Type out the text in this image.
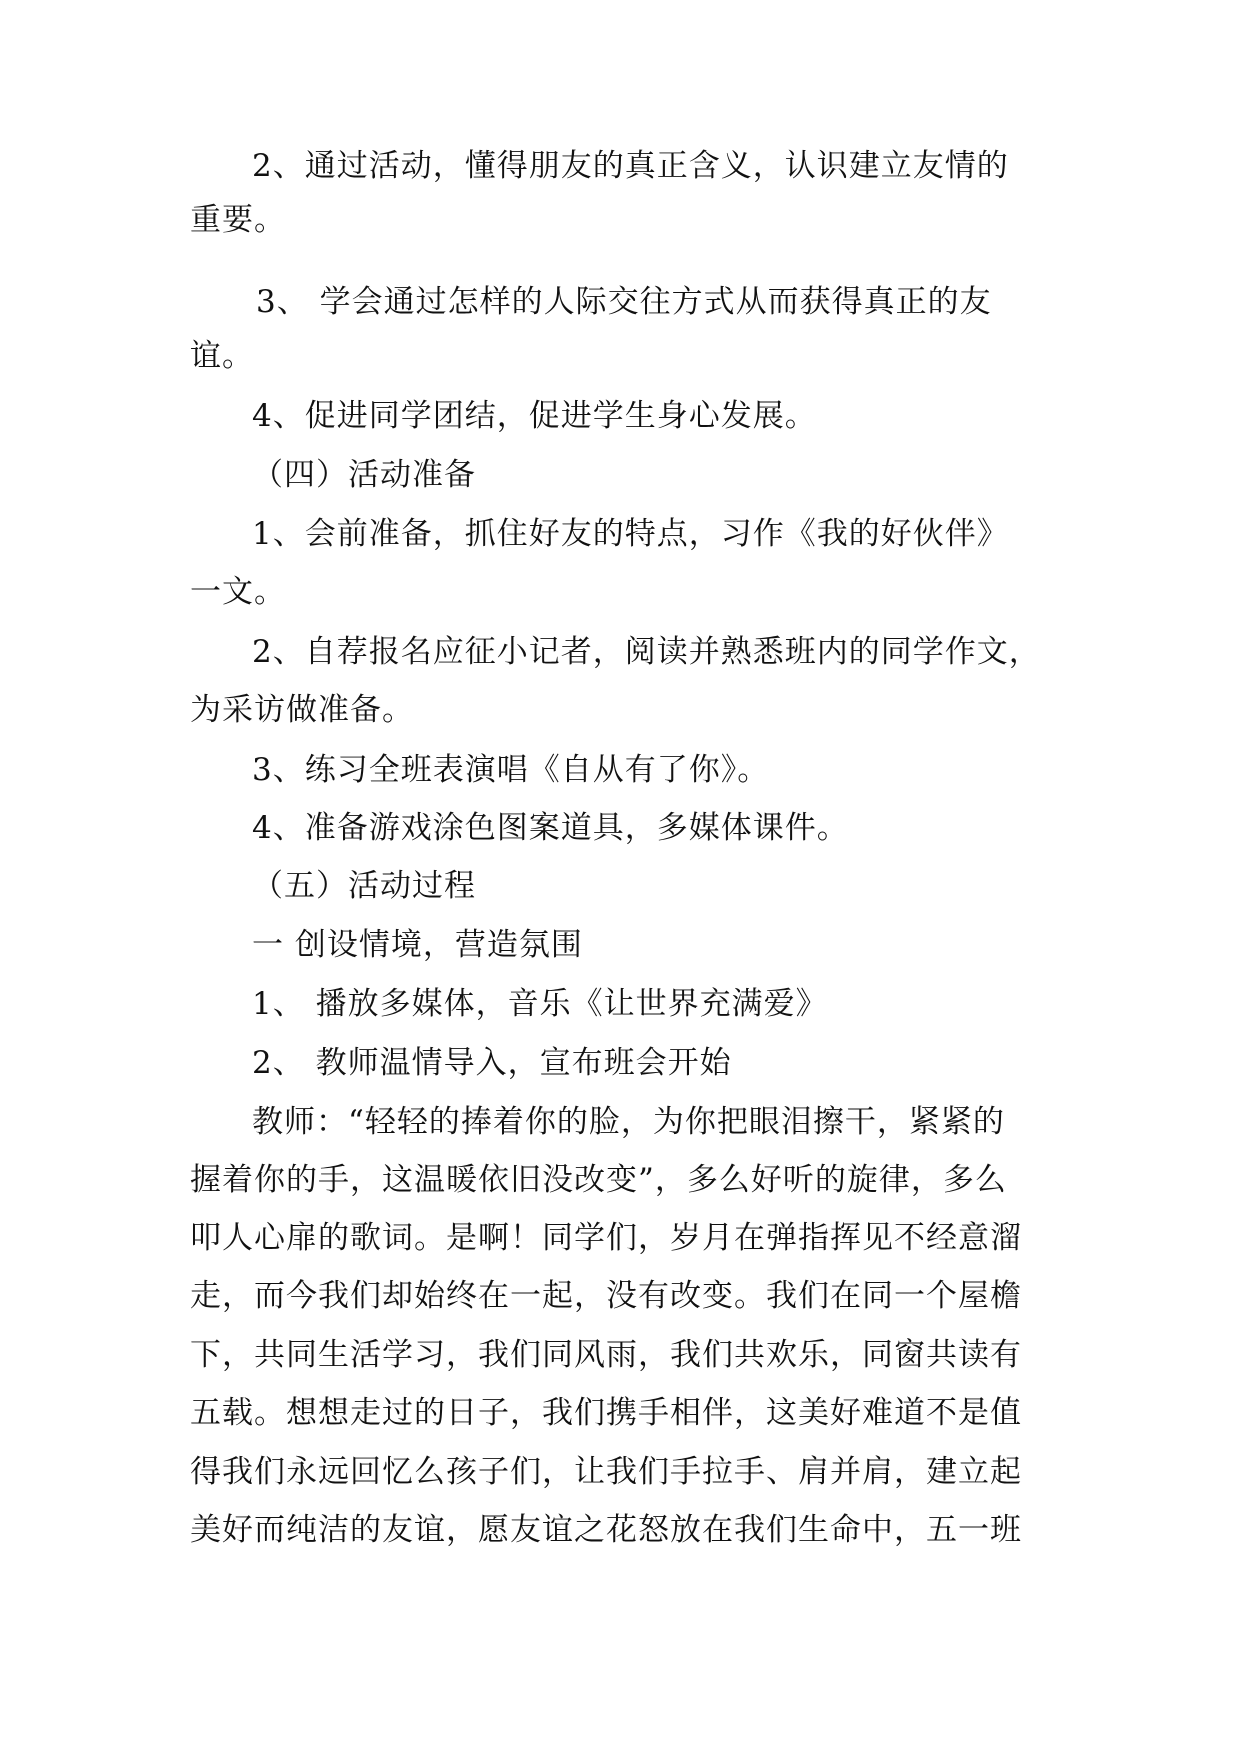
2、通过活动，懂得朋友的真正含义，认识建立友情的
重要。
3、 学会通过怎样的人际交往方式从而获得真正的友
谊。
4、促进同学团结，促进学生身心发展。
（四）活动准备
1、会前准备，抓住好友的特点，习作《我的好伙伴》
一文。
2、自荐报名应征小记者，阅读并熟悉班内的同学作文，
为采访做准备。
3、练习全班表演唱《自从有了你》。
4、准备游戏涂色图案道具，多媒体课件。
（五）活动过程
一 创设情境，营造氛围
1、 播放多媒体，音乐《让世界充满爱》
2、 教师温情导入，宣布班会开始
教师：“轻轻的捧着你的脸，为你把眼泪擦干，紧紧的
握着你的手，这温暖依旧没改变”，多么好听的旋律，多么
叩人心扉的歌词。是啊！同学们，岁月在弹指挥见不经意溜
走，而今我们却始终在一起，没有改变。我们在同一个屋檐
下，共同生活学习，我们同风雨，我们共欢乐，同窗共读有
五载。想想走过的日子，我们携手相伴，这美好难道不是值
得我们永远回忆么孩子们，让我们手拉手、肩并肩，建立起
美好而纯洁的友谊，愿友谊之花怒放在我们生命中，五一班
